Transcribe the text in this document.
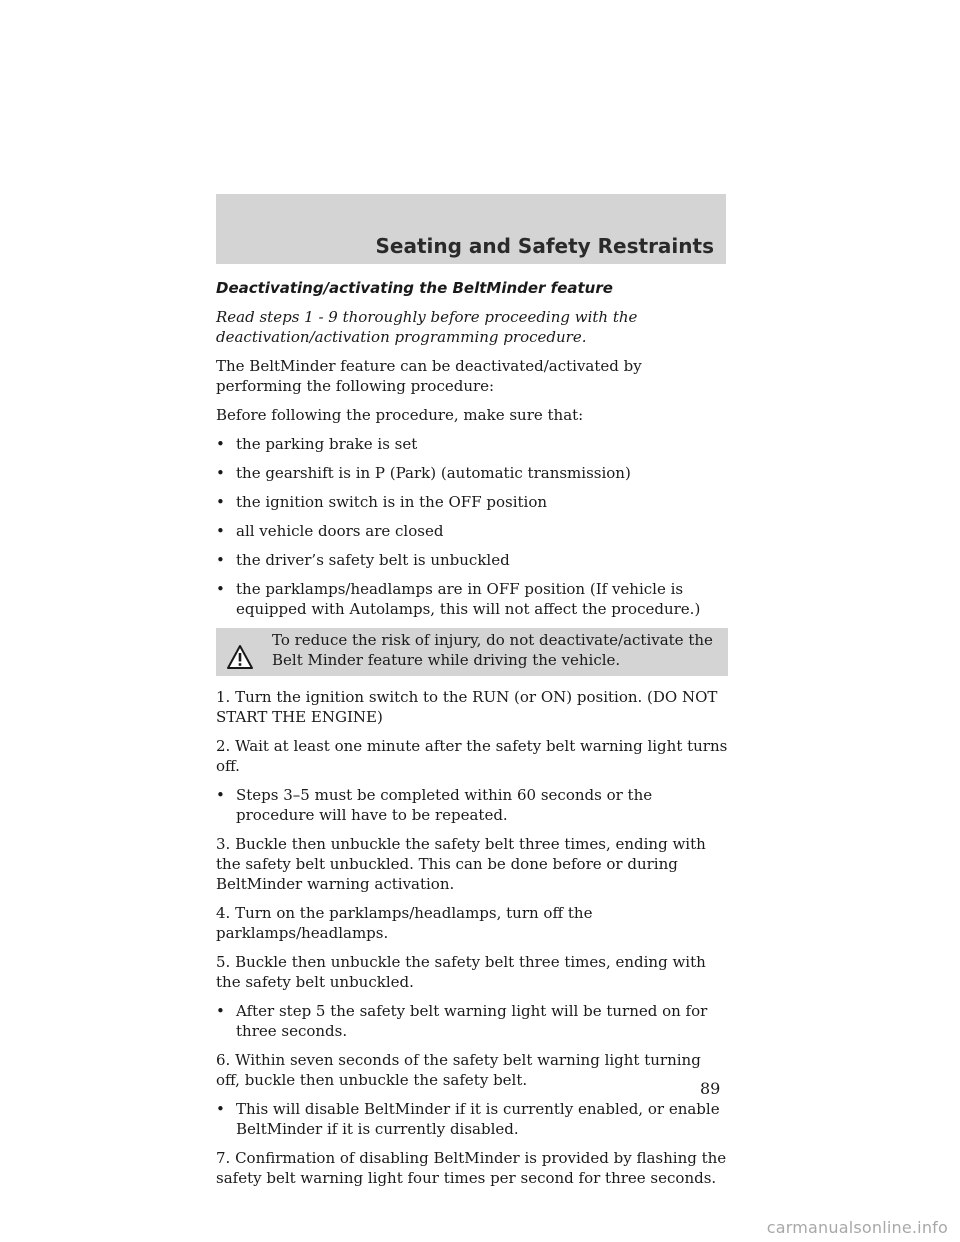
Seating and Safety Restraints

Deactivating/activating the BeltMinder feature

Read steps 1 - 9 thoroughly before proceeding with the deactivation/activation programming procedure.

The BeltMinder feature can be deactivated/activated by performing the following procedure:

Before following the procedure, make sure that:

• the parking brake is set
• the gearshift is in P (Park) (automatic transmission)
• the ignition switch is in the OFF position
• all vehicle doors are closed
• the driver’s safety belt is unbuckled
• the parklamps/headlamps are in OFF position (If vehicle is equipped with Autolamps, this will not affect the procedure.)
To reduce the risk of injury, do not deactivate/activate the Belt Minder feature while driving the vehicle.

1. Turn the ignition switch to the RUN (or ON) position. (DO NOT START THE ENGINE)

2. Wait at least one minute after the safety belt warning light turns off.

• Steps 3–5 must be completed within 60 seconds or the procedure will have to be repeated.

3. Buckle then unbuckle the safety belt three times, ending with the safety belt unbuckled. This can be done before or during BeltMinder warning activation.

4. Turn on the parklamps/headlamps, turn off the parklamps/headlamps.

5. Buckle then unbuckle the safety belt three times, ending with the safety belt unbuckled.

• After step 5 the safety belt warning light will be turned on for three seconds.

6. Within seven seconds of the safety belt warning light turning off, buckle then unbuckle the safety belt.

• This will disable BeltMinder if it is currently enabled, or enable BeltMinder if it is currently disabled.

7. Confirmation of disabling BeltMinder is provided by flashing the safety belt warning light four times per second for three seconds.

89
carmanualsonline.info
